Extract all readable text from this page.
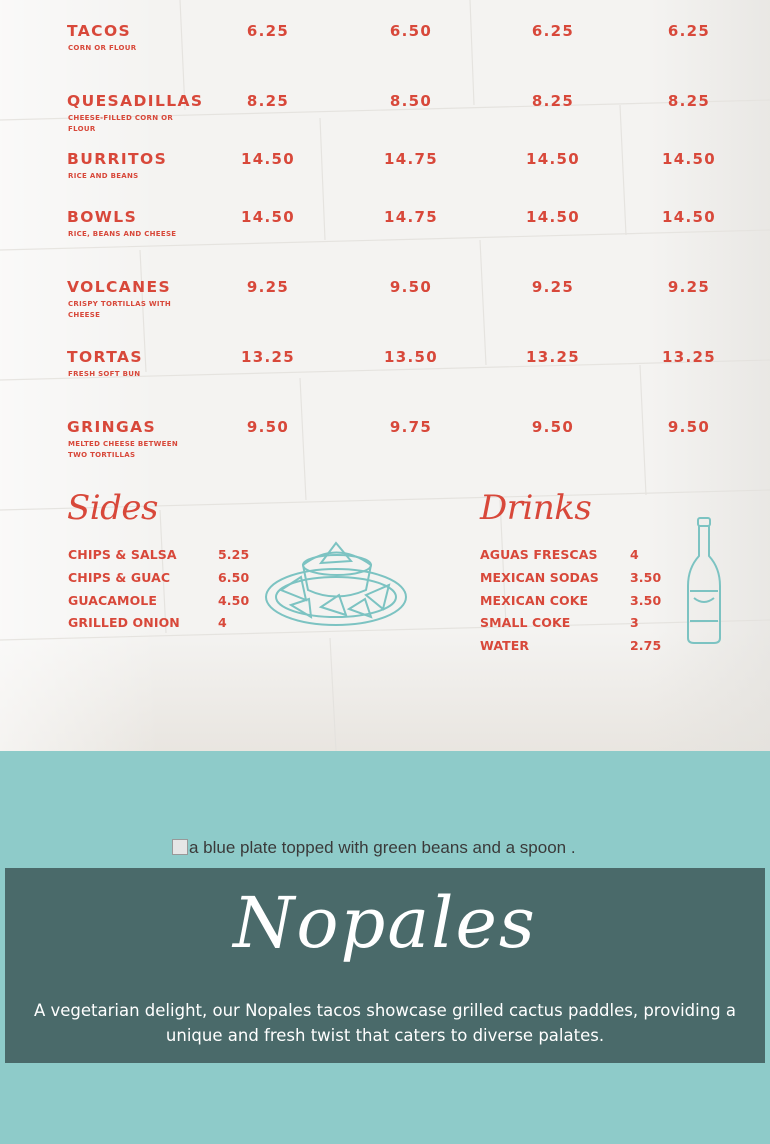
TACOS
CORN OR FLOUR
6.25	6.50	6.25	6.25
QUESADILLAS
CHEESE-FILLED CORN OR FLOUR
8.25	8.50	8.25	8.25
BURRITOS
RICE AND BEANS
14.50	14.75	14.50	14.50
BOWLS
RICE, BEANS AND CHEESE
14.50	14.75	14.50	14.50
VOLCANES
CRISPY TORTILLAS WITH CHEESE
9.25	9.50	9.25	9.25
TORTAS
FRESH SOFT BUN
13.25	13.50	13.25	13.25
GRINGAS
MELTED CHEESE BETWEEN TWO TORTILLAS
9.50	9.75	9.50	9.50
Sides
CHIPS & SALSA	5.25
CHIPS & GUAC	6.50
GUACAMOLE	4.50
GRILLED ONION	4
Drinks
AGUAS FRESCAS	4
MEXICAN SODAS 3.50
MEXICAN COKE	3.50
SMALL COKE	3
WATER	2.75
a blue plate topped with green beans and a spoon .
Nopales
A vegetarian delight, our Nopales tacos showcase grilled cactus paddles, providing a unique and fresh twist that caters to diverse palates.
